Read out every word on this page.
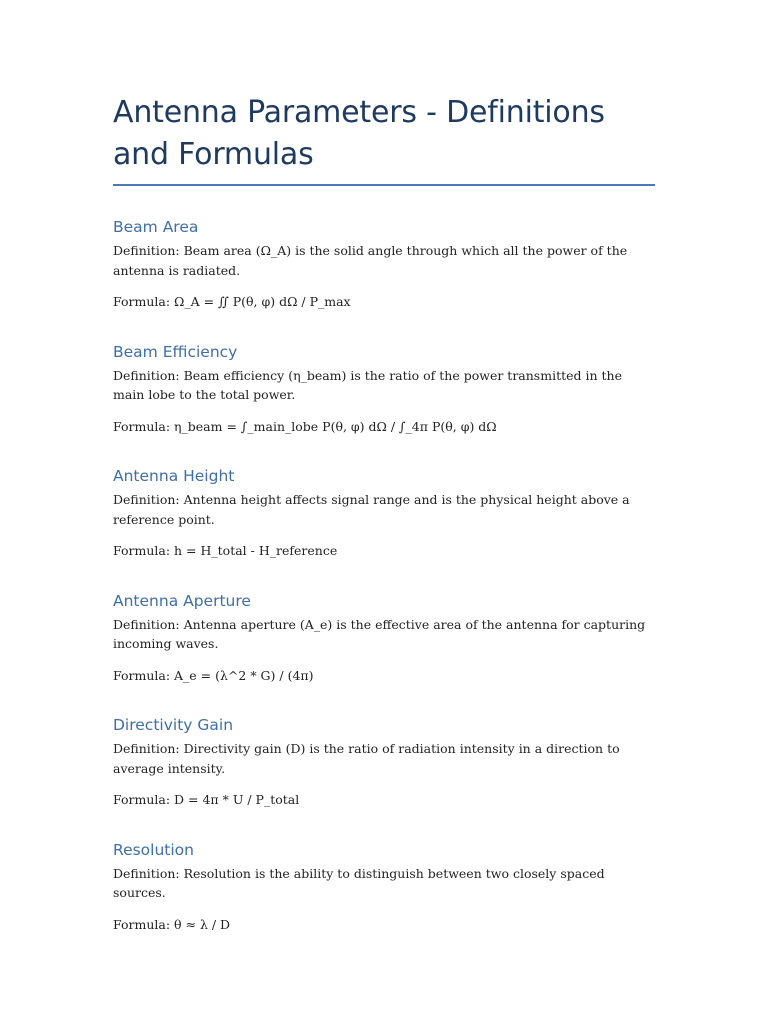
Antenna Parameters - Definitions and Formulas
Beam Area

Definition: Beam area (Ω_A) is the solid angle through which all the power of the antenna is radiated.

Formula: Ω_A = ∬ P(θ, φ) dΩ / P_max

Beam Efficiency

Definition: Beam efficiency (η_beam) is the ratio of the power transmitted in the main lobe to the total power.

Formula: η_beam = ∫_main_lobe P(θ, φ) dΩ / ∫_4π P(θ, φ) dΩ

Antenna Height

Definition: Antenna height affects signal range and is the physical height above a reference point.

Formula: h = H_total - H_reference

Antenna Aperture

Definition: Antenna aperture (A_e) is the effective area of the antenna for capturing incoming waves.

Formula: A_e = (λ^2 * G) / (4π)

Directivity Gain

Definition: Directivity gain (D) is the ratio of radiation intensity in a direction to average intensity.

Formula: D = 4π * U / P_total

Resolution

Definition: Resolution is the ability to distinguish between two closely spaced sources.

Formula: θ ≈ λ / D
